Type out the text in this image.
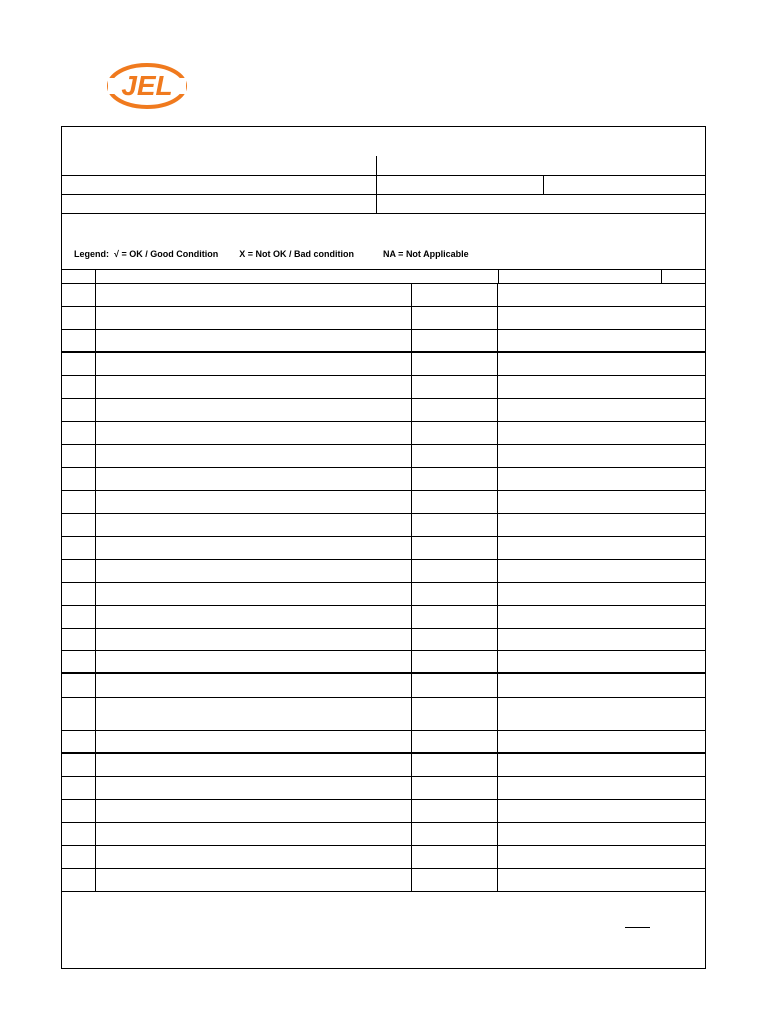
JEL
Legend: √ = OK / Good Condition X = Not OK / Bad condition	NA = Not Applicable
